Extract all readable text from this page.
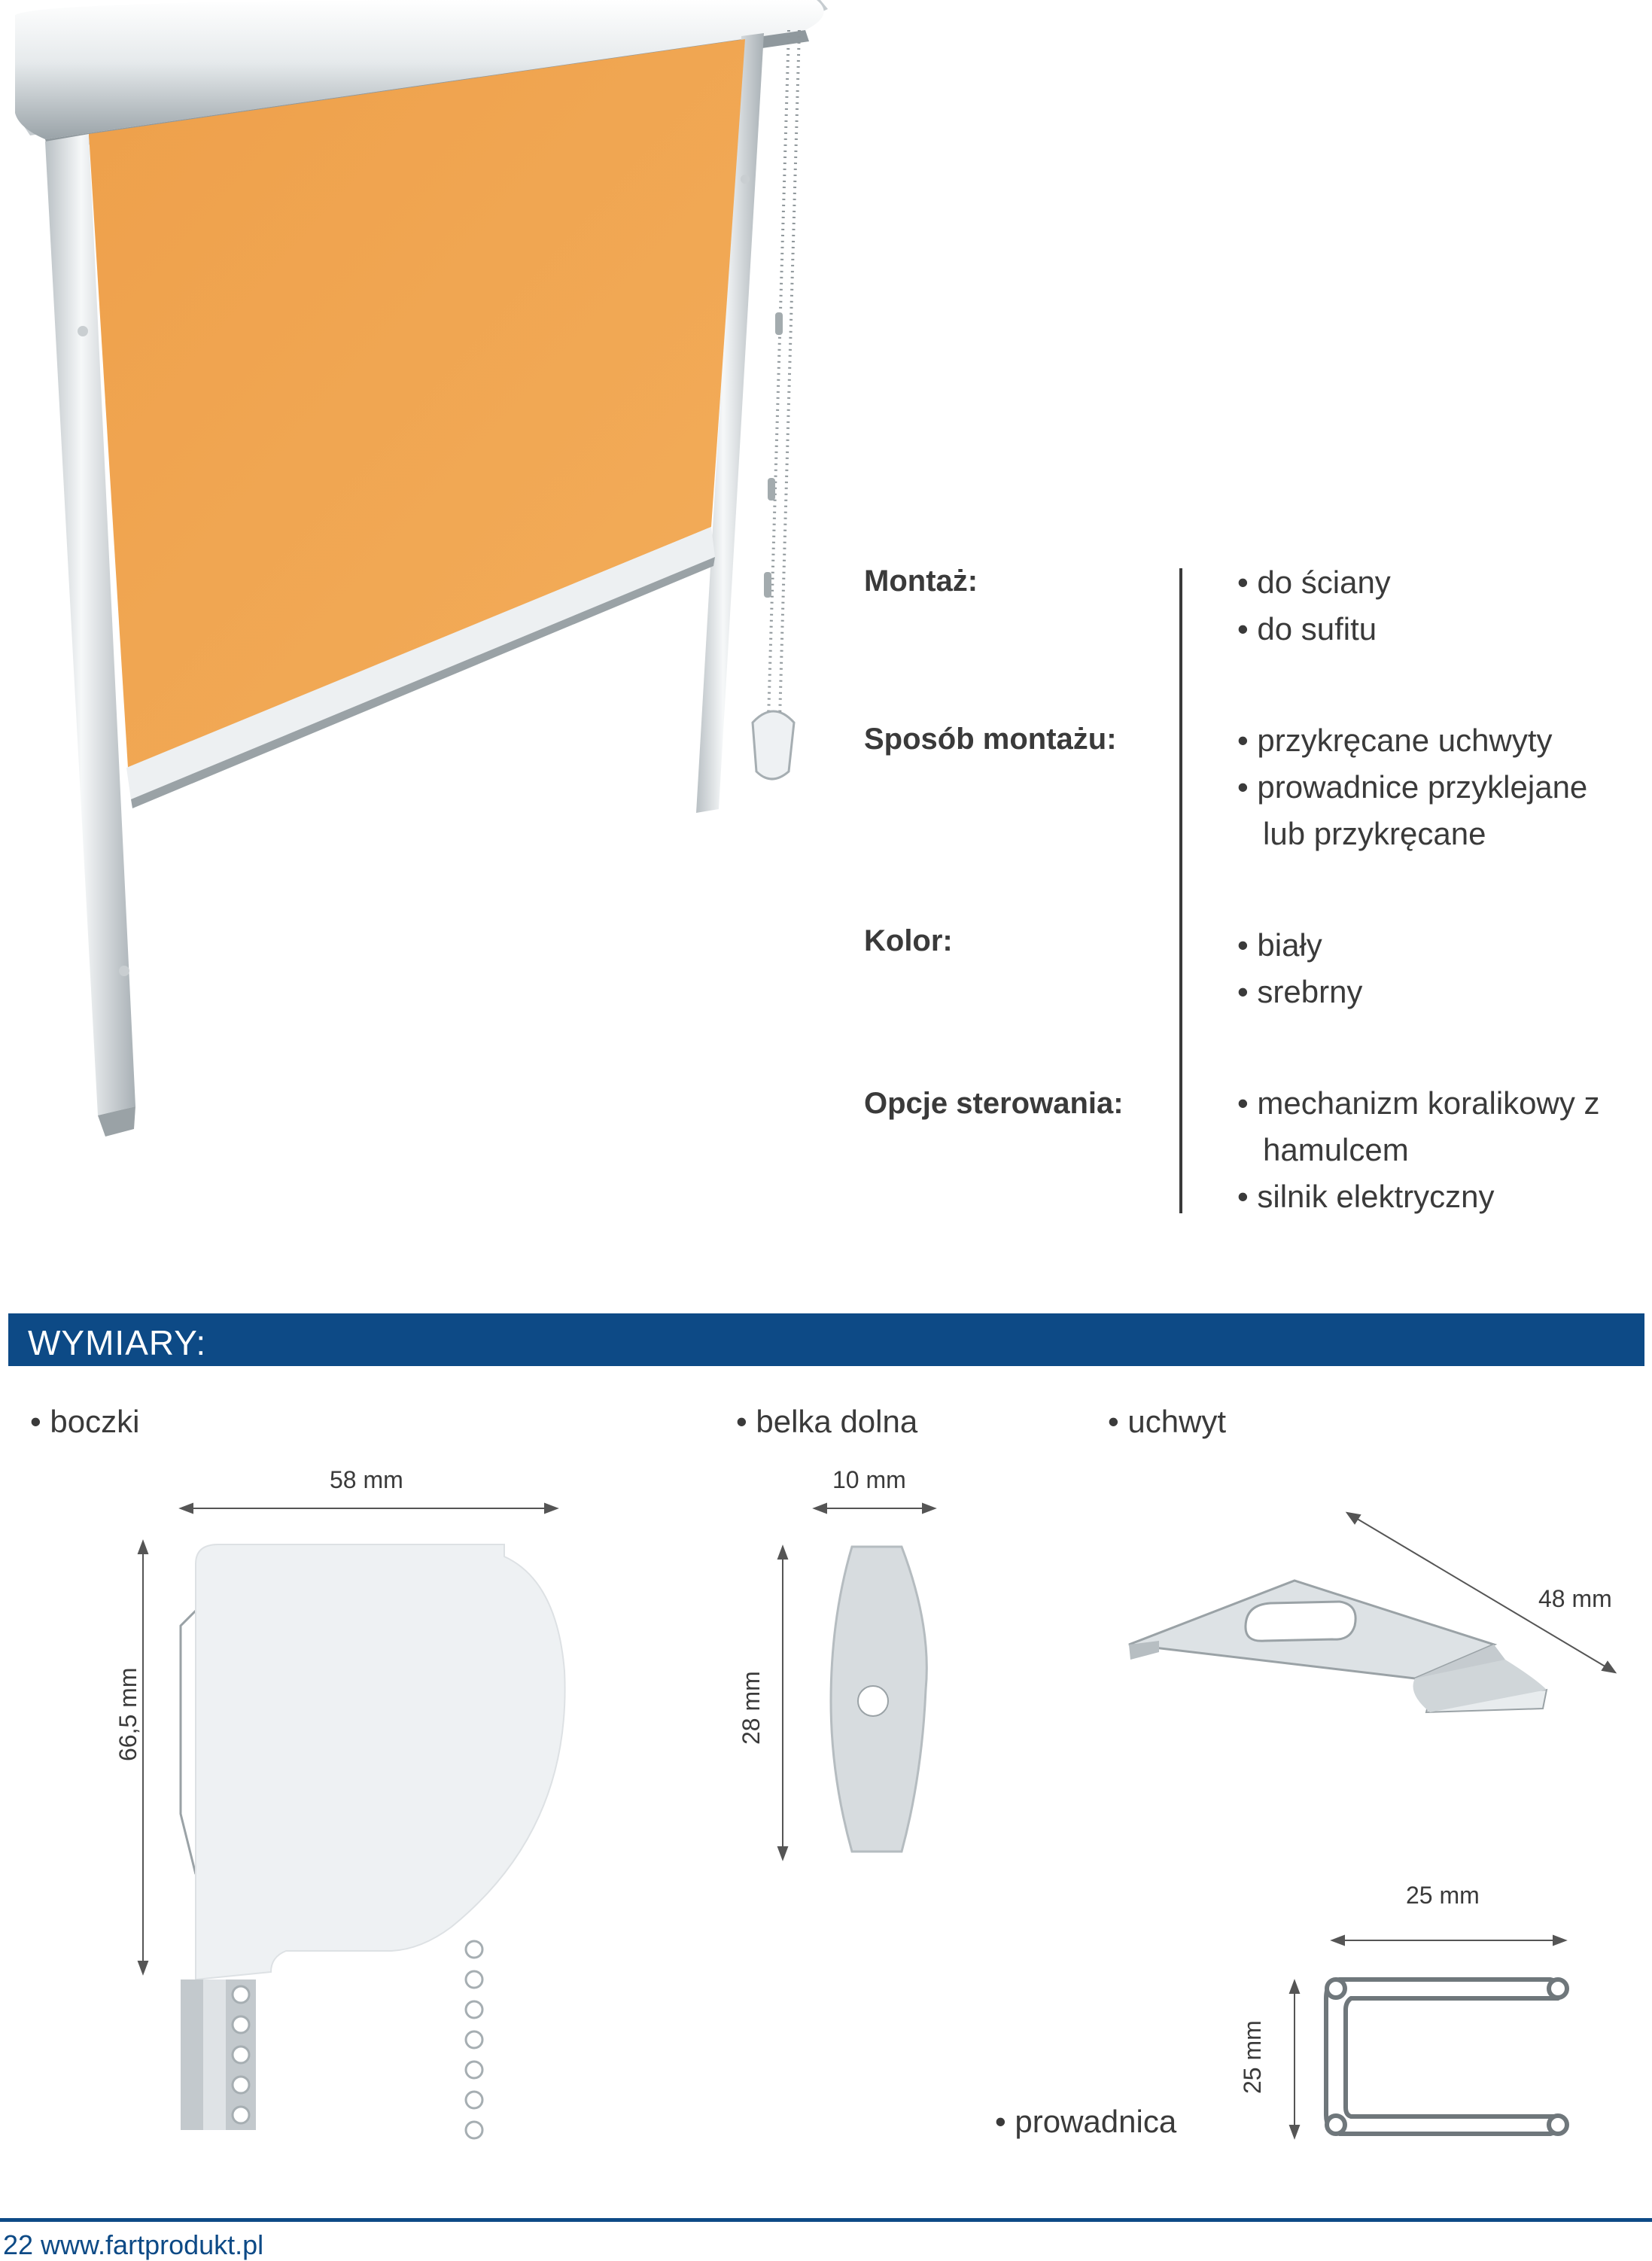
Montaż:	• do ściany
• do sufitu
Sposób montażu:	• przykręcane uchwyty
• prowadnice przyklejane
lub przykręcane
Kolor:	• biały
• srebrny
Opcje sterowania:	• mechanizm koralikowy z
hamulcem
• silnik elektryczny
WYMIARY:
• boczki	• belka dolna	• uchwyt
• prowadnica
58 mm
66,5 mm
10 mm
28 mm
48 mm
25 mm
25 mm
22 www.fartprodukt.pl
